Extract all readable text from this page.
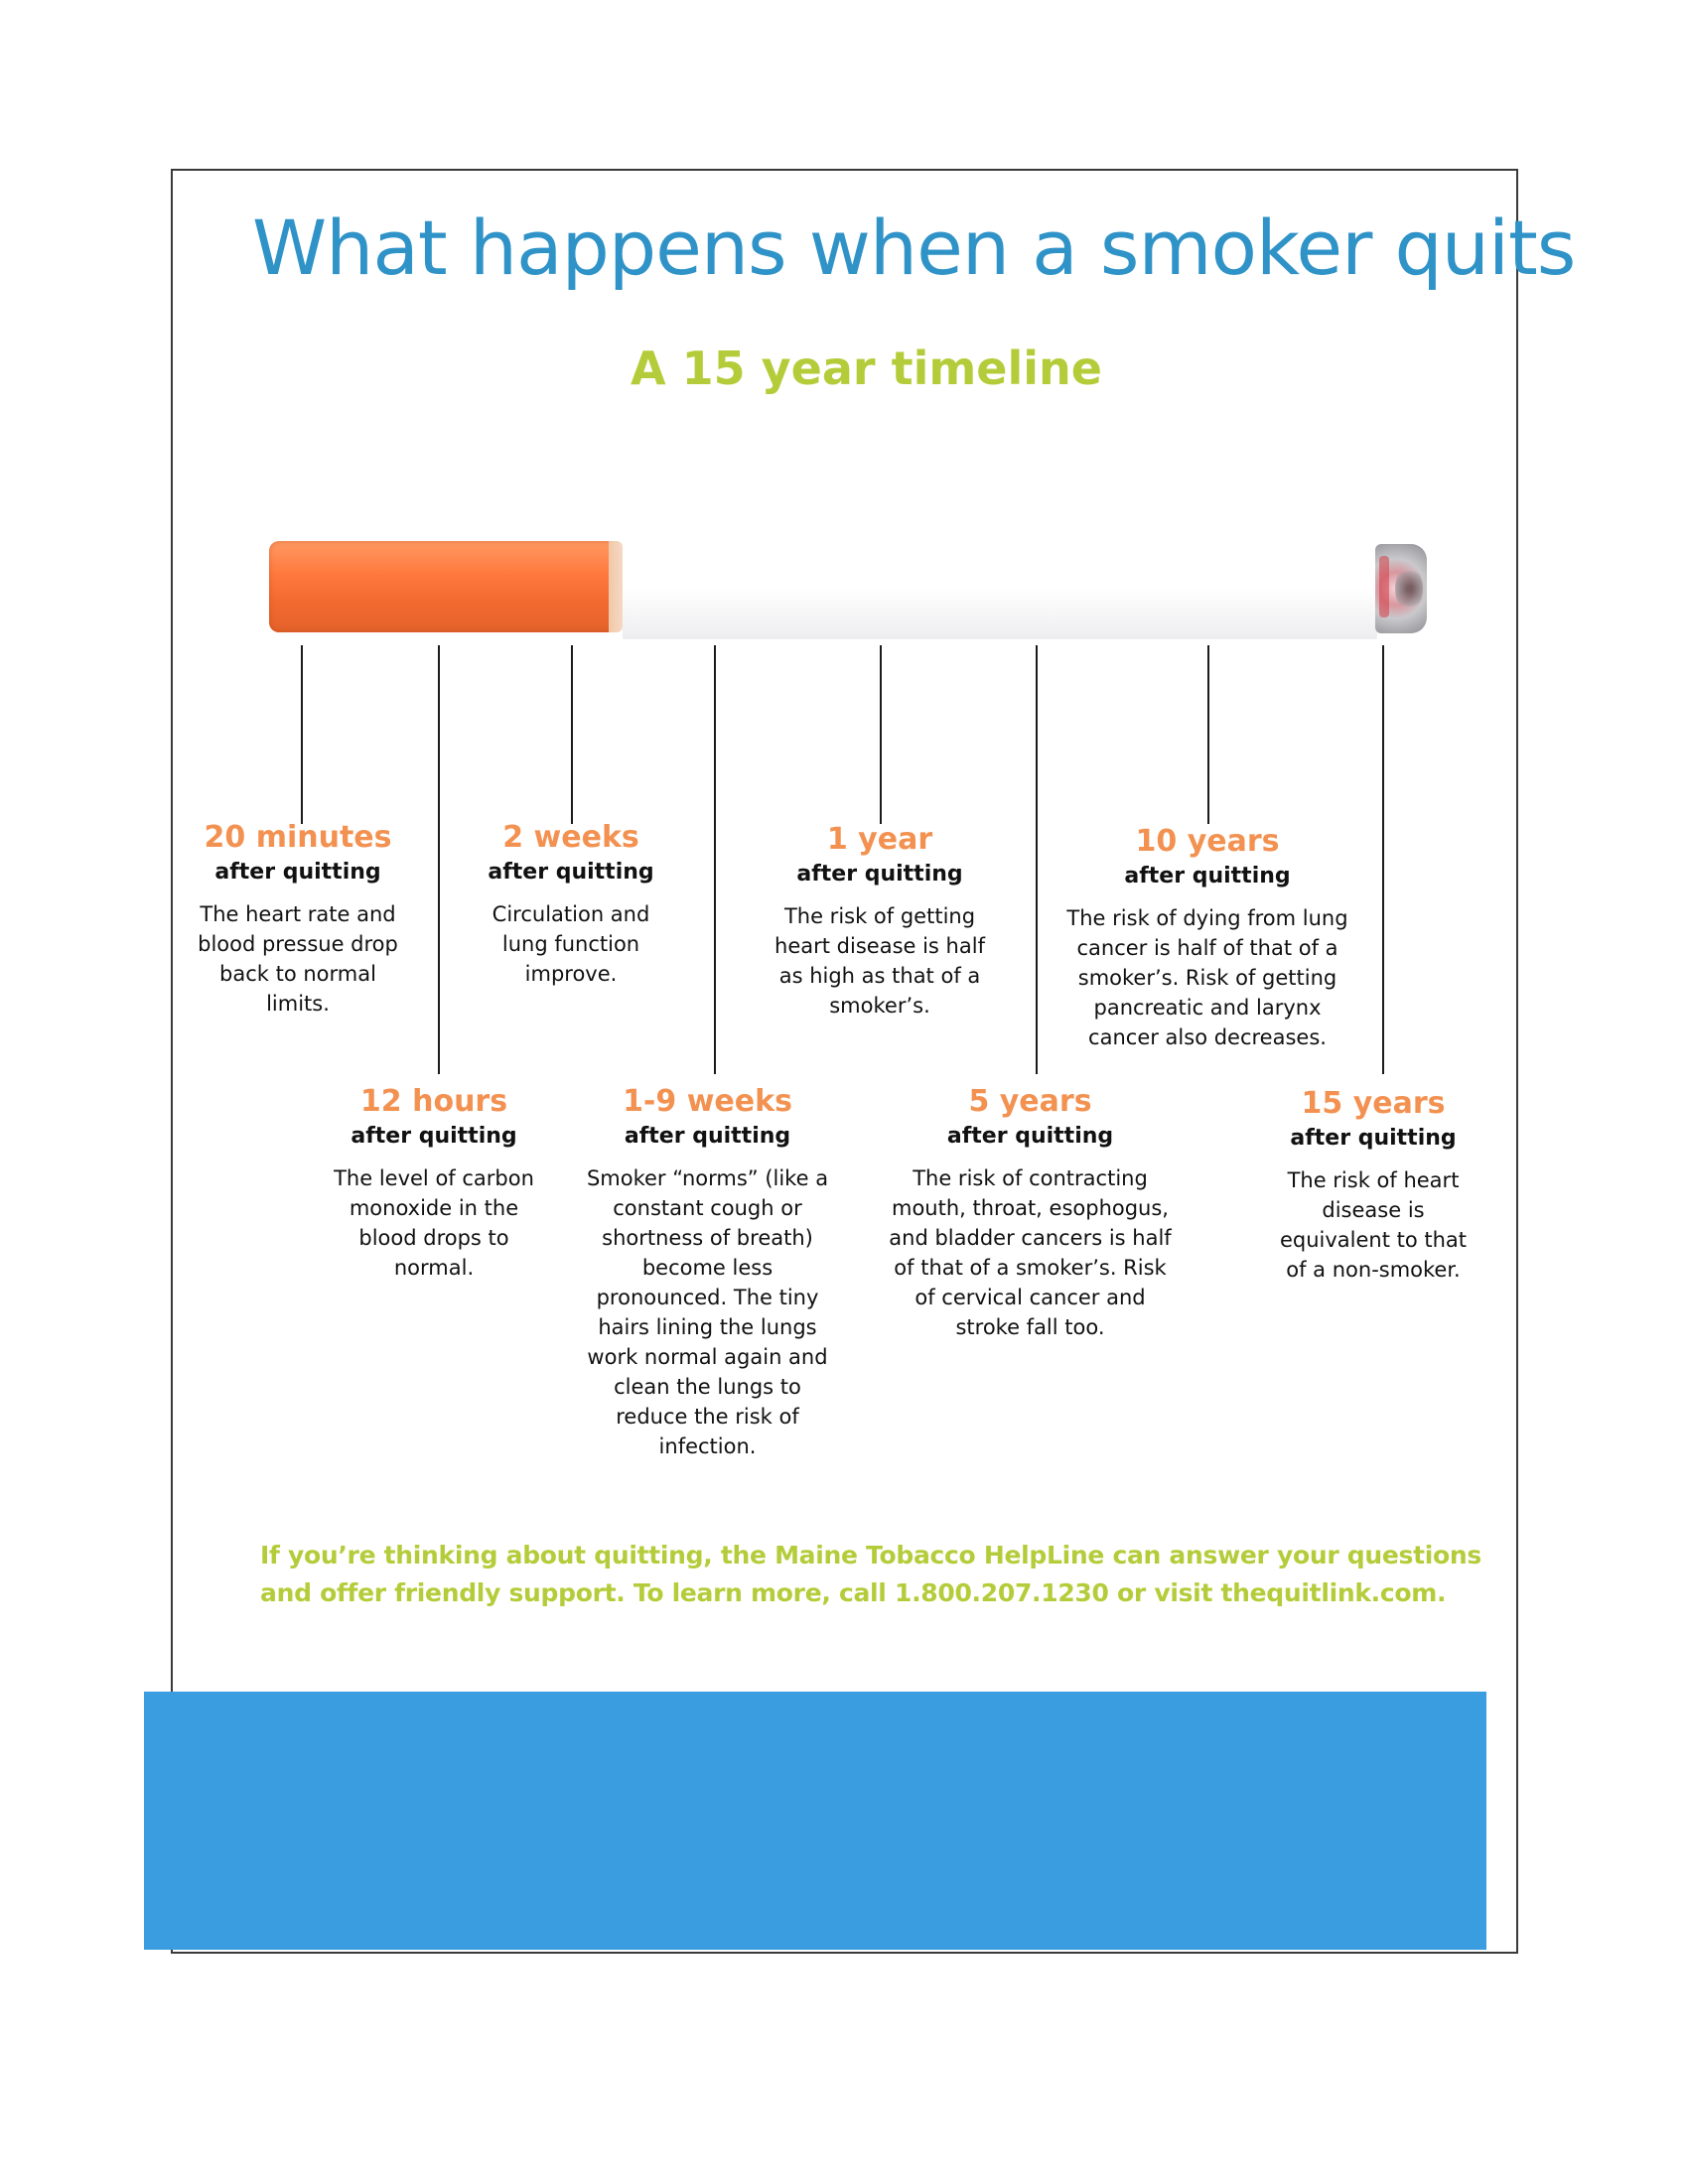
What happens when a smoker quits
A 15 year timeline
20 minutes
after quitting
The heart rate and blood pressue drop back to normal limits.
2 weeks
after quitting
Circulation and lung function improve.
1 year
after quitting
The risk of getting heart disease is half as high as that of a smoker’s.
10 years
after quitting
The risk of dying from lung cancer is half of that of a smoker’s. Risk of getting pancreatic and larynx cancer also decreases.
12 hours
after quitting
The level of carbon monoxide in the blood drops to normal.
1-9 weeks
after quitting
Smoker “norms” (like a constant cough or shortness of breath) become less pronounced. The tiny hairs lining the lungs work normal again and clean the lungs to reduce the risk of infection.
5 years
after quitting
The risk of contracting mouth, throat, esophogus, and bladder cancers is half of that of a smoker’s. Risk of cervical cancer and stroke fall too.
15 years
after quitting
The risk of heart disease is equivalent to that of a non-smoker.
If you’re thinking about quitting, the Maine Tobacco HelpLine can answer your questions
and offer friendly support. To learn more, call 1.800.207.1230 or visit thequitlink.com.
